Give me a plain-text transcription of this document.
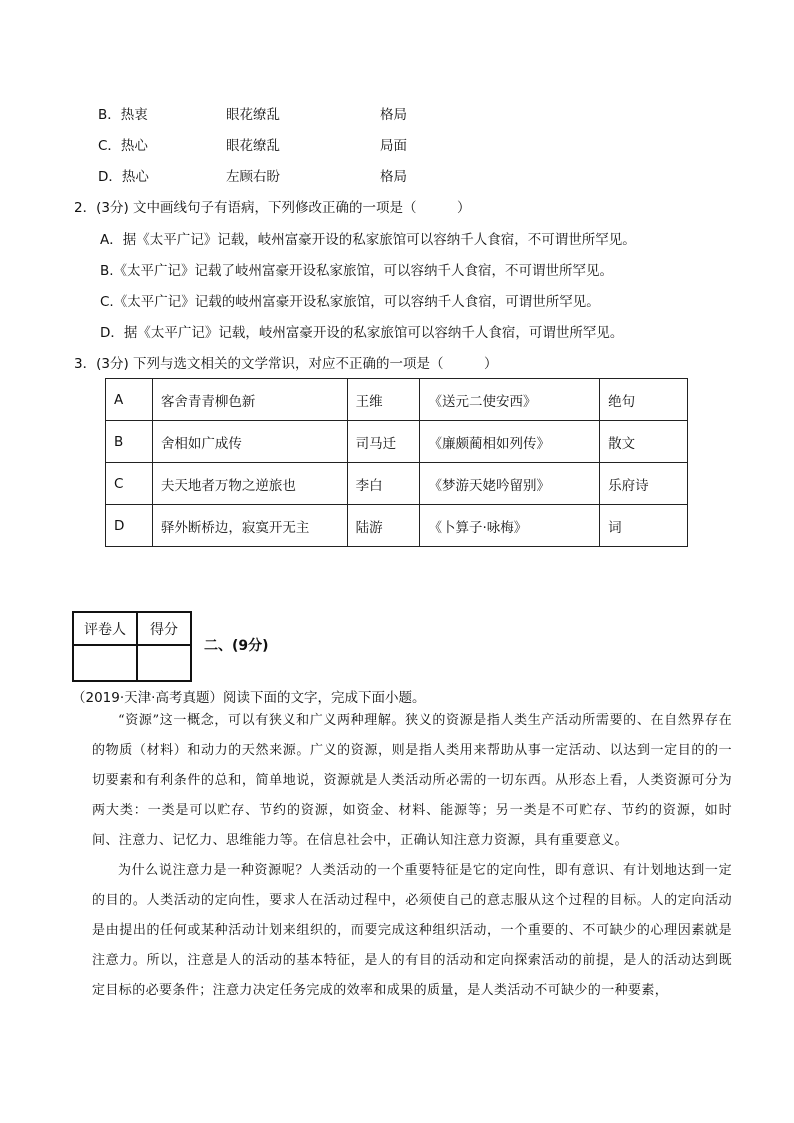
B．热衷	眼花缭乱	格局
C．热心	眼花缭乱	局面
D．热心	左顾右盼	格局
2．(3分) 文中画线句子有语病，下列修改正确的一项是（　　　）
A．据《太平广记》记载，岐州富豪开设的私家旅馆可以容纳千人食宿，不可谓世所罕见。
B.《太平广记》记载了岐州富豪开设私家旅馆，可以容纳千人食宿，不可谓世所罕见。
C.《太平广记》记载的岐州富豪开设私家旅馆，可以容纳千人食宿，可谓世所罕见。
D．据《太平广记》记载，岐州富豪开设的私家旅馆可以容纳千人食宿，可谓世所罕见。
3．(3分) 下列与选文相关的文学常识，对应不正确的一项是（　　　）
A	客舍青青柳色新	王维	《送元二使安西》	绝句
B	舍相如广成传	司马迁	《廉颇蔺相如列传》	散文
C	夫天地者万物之逆旅也	李白	《梦游天姥吟留别》	乐府诗
D	驿外断桥边，寂寞开无主	陆游	《卜算子·咏梅》	词
评卷人	得分

二、(9分)
（2019·天津·高考真题）阅读下面的文字，完成下面小题。

“资源”这一概念，可以有狭义和广义两种理解。狭义的资源是指人类生产活动所需要的、在自然界存在的物质（材料）和动力的天然来源。广义的资源，则是指人类用来帮助从事一定活动、以达到一定目的的一切要素和有利条件的总和，简单地说，资源就是人类活动所必需的一切东西。从形态上看，人类资源可分为两大类：一类是可以贮存、节约的资源，如资金、材料、能源等；另一类是不可贮存、节约的资源，如时间、注意力、记忆力、思维能力等。在信息社会中，正确认知注意力资源，具有重要意义。

为什么说注意力是一种资源呢？人类活动的一个重要特征是它的定向性，即有意识、有计划地达到一定的目的。人类活动的定向性，要求人在活动过程中，必须使自己的意志服从这个过程的目标。人的定向活动是由提出的任何或某种活动计划来组织的，而要完成这种组织活动，一个重要的、不可缺少的心理因素就是注意力。所以，注意是人的活动的基本特征，是人的有目的活动和定向探索活动的前提，是人的活动达到既定目标的必要条件；注意力决定任务完成的效率和成果的质量，是人类活动不可缺少的一种要素，
